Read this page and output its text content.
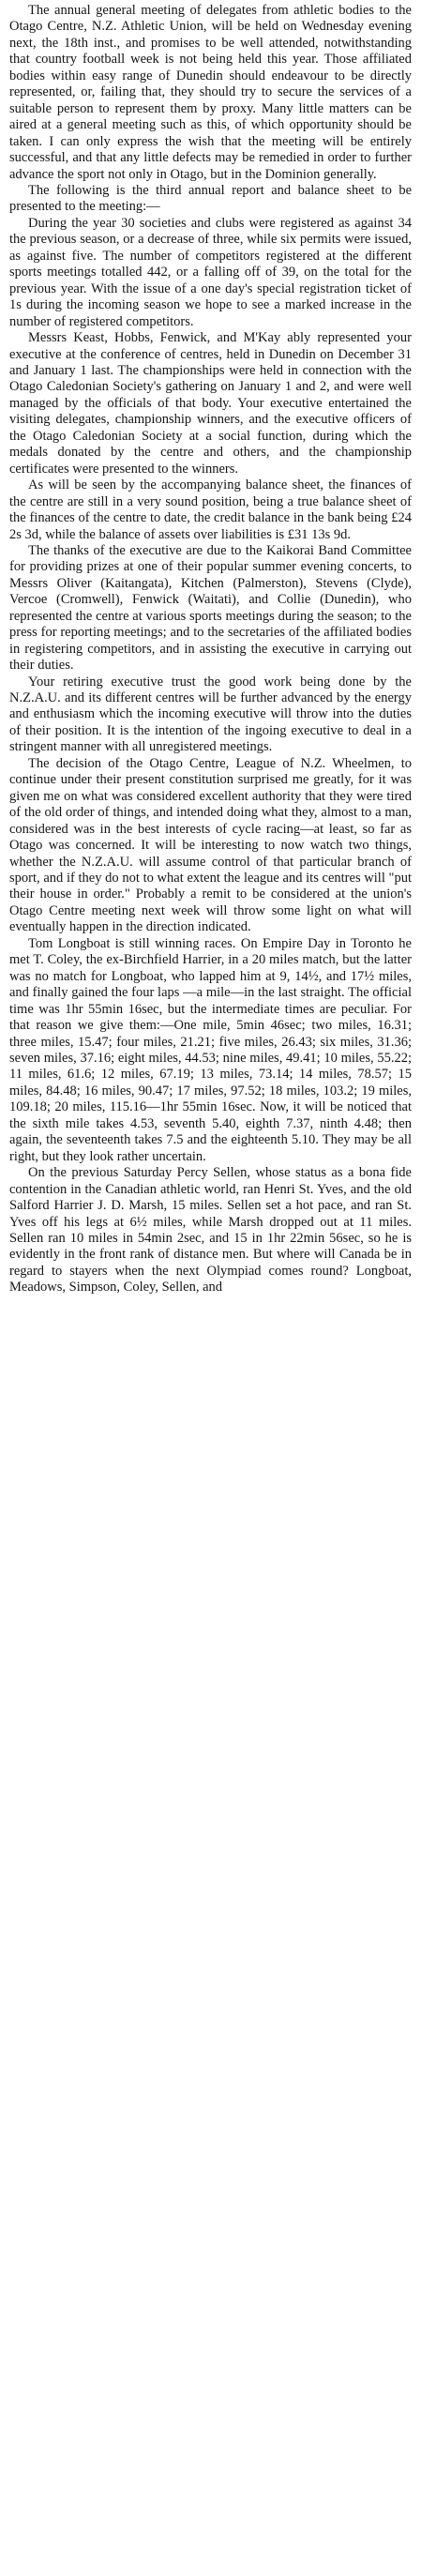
The annual general meeting of delegates from athletic bodies to the Otago Centre, N.Z. Athletic Union, will be held on Wednesday evening next, the 18th inst., and promises to be well attended, notwithstanding that country football week is not being held this year. Those affiliated bodies within easy range of Dunedin should endeavour to be directly represented, or, failing that, they should try to secure the services of a suitable person to represent them by proxy. Many little matters can be aired at a general meeting such as this, of which opportunity should be taken. I can only express the wish that the meeting will be entirely successful, and that any little defects may be remedied in order to further advance the sport not only in Otago, but in the Dominion generally.

The following is the third annual report and balance sheet to be presented to the meeting:—

During the year 30 societies and clubs were registered as against 34 the previous season, or a decrease of three, while six permits were issued, as against five. The number of competitors registered at the different sports meetings totalled 442, or a falling off of 39, on the total for the previous year. With the issue of a one day's special registration ticket of 1s during the incoming season we hope to see a marked increase in the number of registered competitors.

Messrs Keast, Hobbs, Fenwick, and M'Kay ably represented your executive at the conference of centres, held in Dunedin on December 31 and January 1 last. The championships were held in connection with the Otago Caledonian Society's gathering on January 1 and 2, and were well managed by the officials of that body. Your executive entertained the visiting delegates, championship winners, and the executive officers of the Otago Caledonian Society at a social function, during which the medals donated by the centre and others, and the championship certificates were presented to the winners.

As will be seen by the accompanying balance sheet, the finances of the centre are still in a very sound position, being a true balance sheet of the finances of the centre to date, the credit balance in the bank being £24 2s 3d, while the balance of assets over liabilities is £31 13s 9d.

The thanks of the executive are due to the Kaikorai Band Committee for providing prizes at one of their popular summer evening concerts, to Messrs Oliver (Kaitangata), Kitchen (Palmerston), Stevens (Clyde), Vercoe (Cromwell), Fenwick (Waitati), and Collie (Dunedin), who represented the centre at various sports meetings during the season; to the press for reporting meetings; and to the secretaries of the affiliated bodies in registering competitors, and in assisting the executive in carrying out their duties.

Your retiring executive trust the good work being done by the N.Z.A.U. and its different centres will be further advanced by the energy and enthusiasm which the incoming executive will throw into the duties of their position. It is the intention of the ingoing executive to deal in a stringent manner with all unregistered meetings.

The decision of the Otago Centre, League of N.Z. Wheelmen, to continue under their present constitution surprised me greatly, for it was given me on what was considered excellent authority that they were tired of the old order of things, and intended doing what they, almost to a man, considered was in the best interests of cycle racing—at least, so far as Otago was concerned. It will be interesting to now watch two things, whether the N.Z.A.U. will assume control of that particular branch of sport, and if they do not to what extent the league and its centres will "put their house in order." Probably a remit to be considered at the union's Otago Centre meeting next week will throw some light on what will eventually happen in the direction indicated.

Tom Longboat is still winning races. On Empire Day in Toronto he met T. Coley, the ex-Birchfield Harrier, in a 20 miles match, but the latter was no match for Longboat, who lapped him at 9, 14½, and 17½ miles, and finally gained the four laps —a mile—in the last straight. The official time was 1hr 55min 16sec, but the intermediate times are peculiar. For that reason we give them:—One mile, 5min 46sec; two miles, 16.31; three miles, 15.47; four miles, 21.21; five miles, 26.43; six miles, 31.36; seven miles, 37.16; eight miles, 44.53; nine miles, 49.41; 10 miles, 55.22; 11 miles, 61.6; 12 miles, 67.19; 13 miles, 73.14; 14 miles, 78.57; 15 miles, 84.48; 16 miles, 90.47; 17 miles, 97.52; 18 miles, 103.2; 19 miles, 109.18; 20 miles, 115.16—1hr 55min 16sec. Now, it will be noticed that the sixth mile takes 4.53, seventh 5.40, eighth 7.37, ninth 4.48; then again, the seventeenth takes 7.5 and the eighteenth 5.10. They may be all right, but they look rather uncertain.

On the previous Saturday Percy Sellen, whose status as a bona fide contention in the Canadian athletic world, ran Henri St. Yves, and the old Salford Harrier J. D. Marsh, 15 miles. Sellen set a hot pace, and ran St. Yves off his legs at 6½ miles, while Marsh dropped out at 11 miles. Sellen ran 10 miles in 54min 2sec, and 15 in 1hr 22min 56sec, so he is evidently in the front rank of distance men. But where will Canada be in regard to stayers when the next Olympiad comes round? Longboat, Meadows, Simpson, Coley, Sellen, and
